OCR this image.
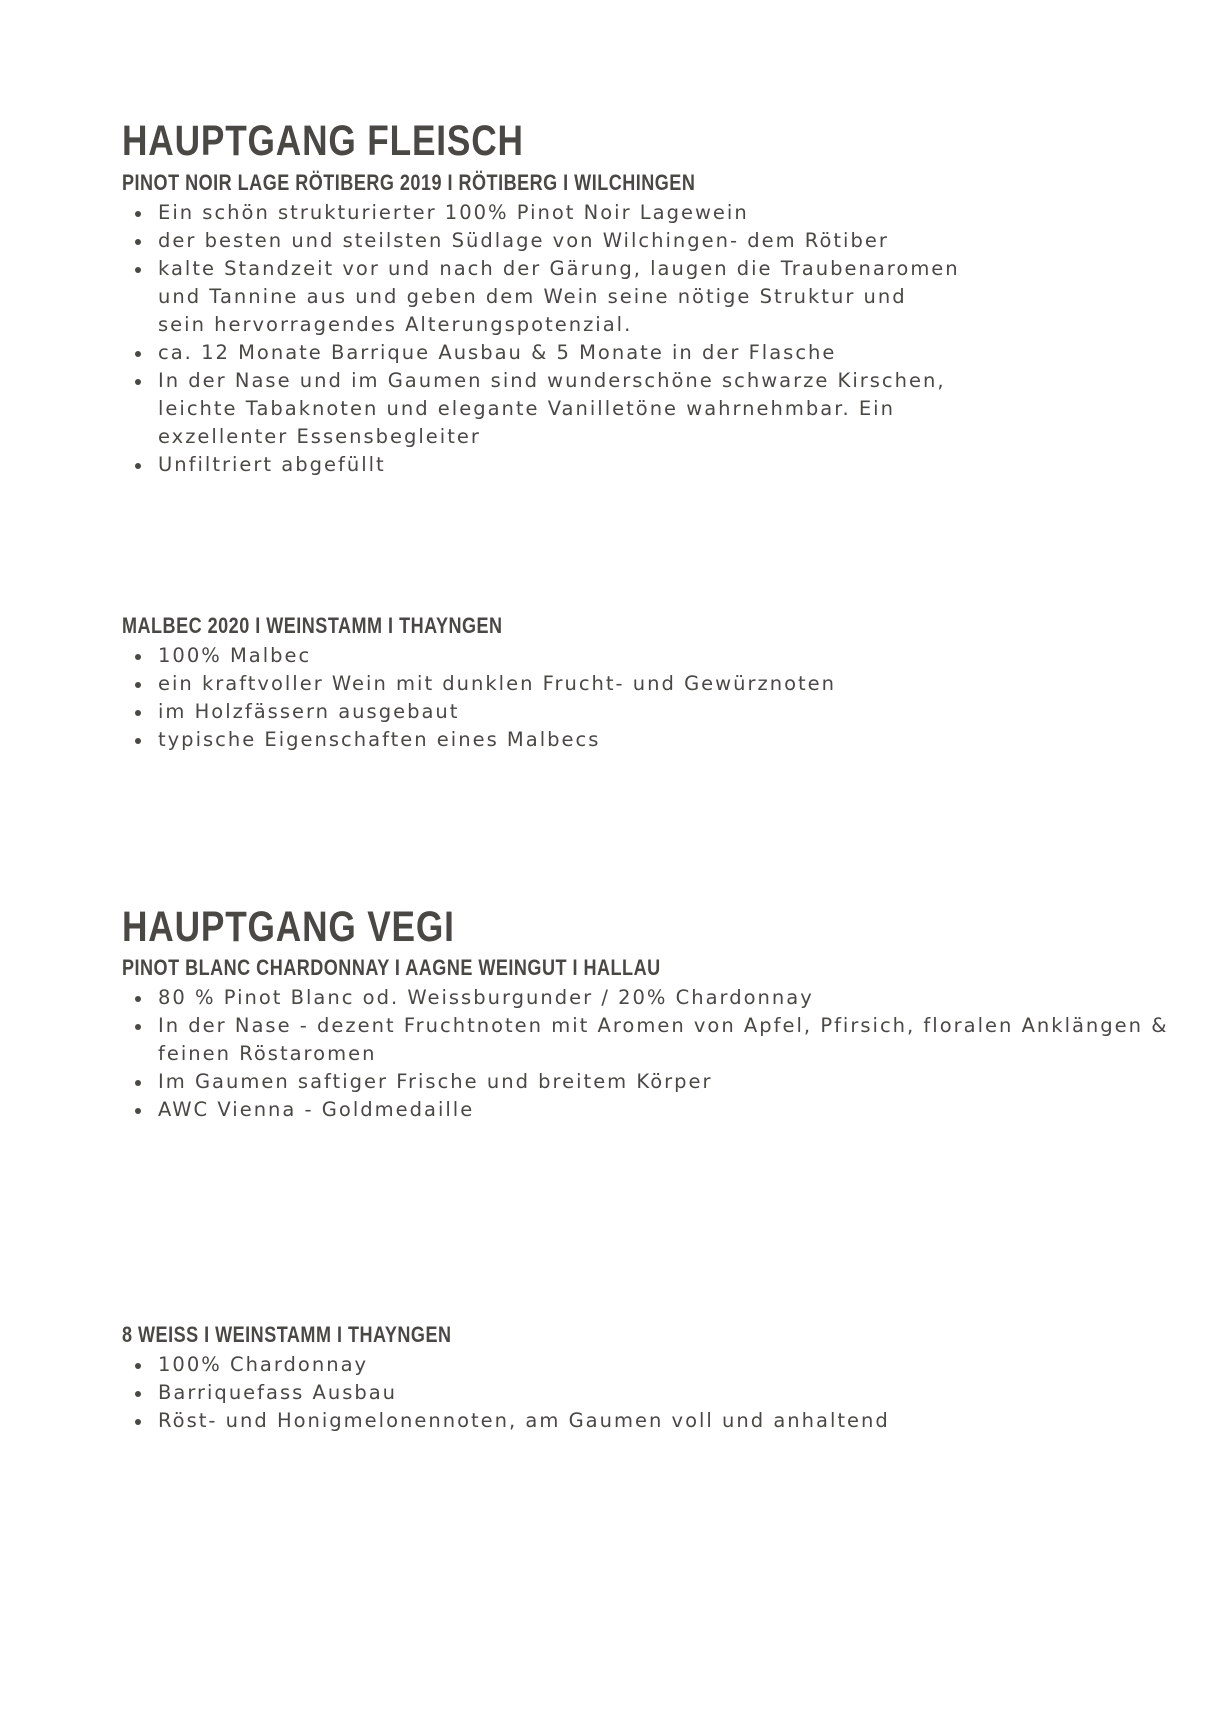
HAUPTGANG FLEISCH
PINOT NOIR LAGE RÖTIBERG 2019 I RÖTIBERG I WILCHINGEN
Ein schön strukturierter 100% Pinot Noir Lagewein
der besten und steilsten Südlage von Wilchingen- dem Rötiber
kalte Standzeit vor und nach der Gärung, laugen die Traubenaromen
und Tannine aus und geben dem Wein seine nötige Struktur und
sein hervorragendes Alterungspotenzial.
ca. 12 Monate Barrique Ausbau & 5 Monate in der Flasche
In der Nase und im Gaumen sind wunderschöne schwarze Kirschen,
leichte Tabaknoten und elegante Vanilletöne wahrnehmbar. Ein
exzellenter Essensbegleiter
Unfiltriert abgefüllt
MALBEC 2020 I WEINSTAMM I THAYNGEN
100% Malbec
ein kraftvoller Wein mit dunklen Frucht- und Gewürznoten
im Holzfässern ausgebaut
typische Eigenschaften eines Malbecs
HAUPTGANG VEGI
PINOT BLANC CHARDONNAY I AAGNE WEINGUT I HALLAU
80 % Pinot Blanc od. Weissburgunder / 20% Chardonnay
In der Nase - dezent Fruchtnoten mit Aromen von Apfel, Pfirsich, floralen Anklängen &
feinen Röstaromen
Im Gaumen saftiger Frische und breitem Körper
AWC Vienna - Goldmedaille
8 WEISS I WEINSTAMM I THAYNGEN
100% Chardonnay
Barriquefass Ausbau
Röst- und Honigmelonennoten, am Gaumen voll und anhaltend
